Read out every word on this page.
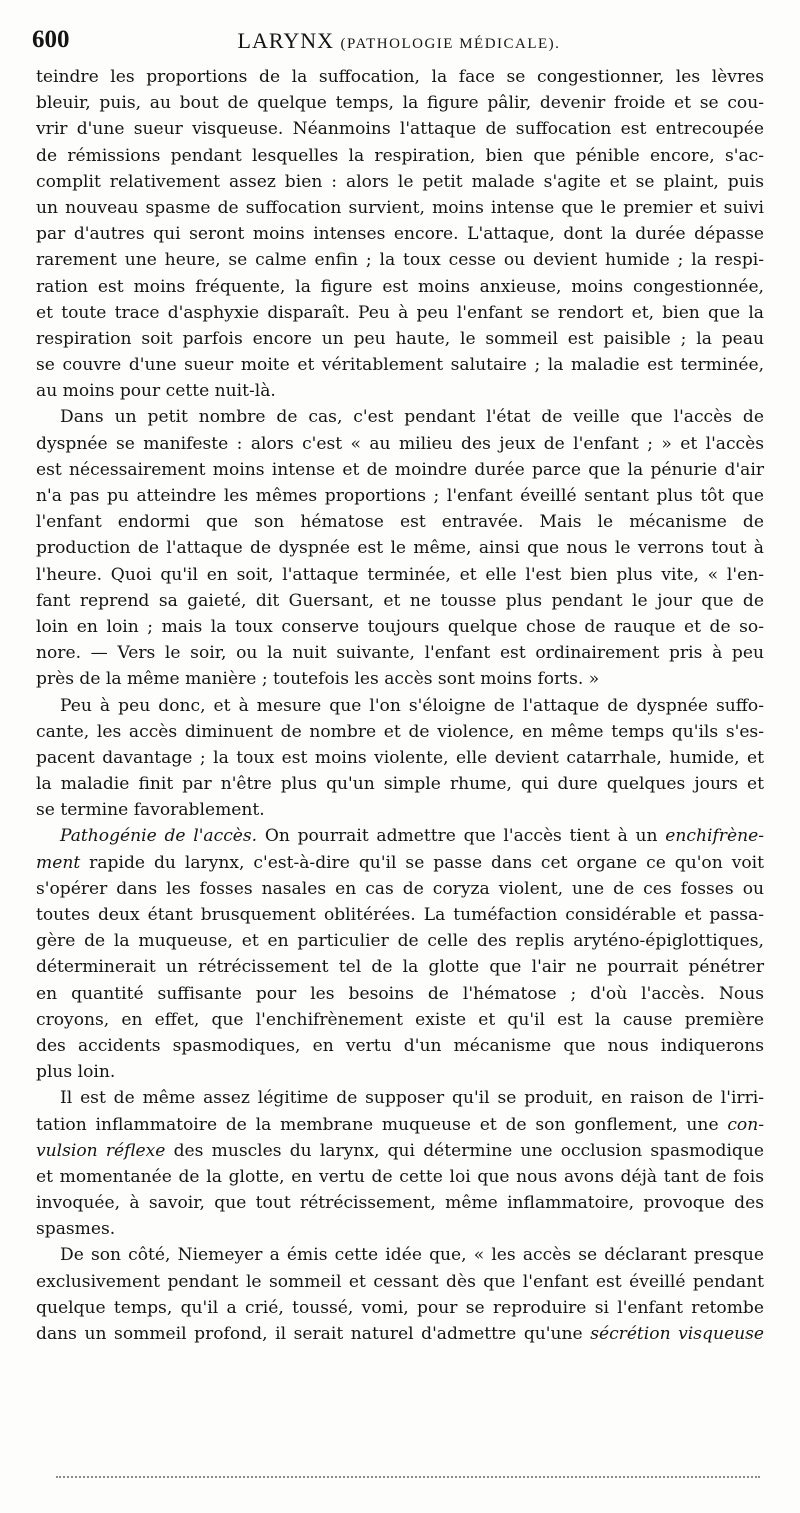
600	LARYNX (PATHOLOGIE MÉDICALE).
teindre les proportions de la suffocation, la face se congestionner, les lèvres
bleuir, puis, au bout de quelque temps, la figure pâlir, devenir froide et se cou-
vrir d'une sueur visqueuse. Néanmoins l'attaque de suffocation est entrecoupée
de rémissions pendant lesquelles la respiration, bien que pénible encore, s'ac-
complit relativement assez bien : alors le petit malade s'agite et se plaint, puis
un nouveau spasme de suffocation survient, moins intense que le premier et suivi
par d'autres qui seront moins intenses encore. L'attaque, dont la durée dépasse
rarement une heure, se calme enfin ; la toux cesse ou devient humide ; la respi-
ration est moins fréquente, la figure est moins anxieuse, moins congestionnée,
et toute trace d'asphyxie disparaît. Peu à peu l'enfant se rendort et, bien que la
respiration soit parfois encore un peu haute, le sommeil est paisible ; la peau
se couvre d'une sueur moite et véritablement salutaire ; la maladie est terminée,
au moins pour cette nuit-là.
Dans un petit nombre de cas, c'est pendant l'état de veille que l'accès de
dyspnée se manifeste : alors c'est « au milieu des jeux de l'enfant ; » et l'accès
est nécessairement moins intense et de moindre durée parce que la pénurie d'air
n'a pas pu atteindre les mêmes proportions ; l'enfant éveillé sentant plus tôt que
l'enfant endormi que son hématose est entravée. Mais le mécanisme de
production de l'attaque de dyspnée est le même, ainsi que nous le verrons tout à
l'heure. Quoi qu'il en soit, l'attaque terminée, et elle l'est bien plus vite, « l'en-
fant reprend sa gaieté, dit Guersant, et ne tousse plus pendant le jour que de
loin en loin ; mais la toux conserve toujours quelque chose de rauque et de so-
nore. — Vers le soir, ou la nuit suivante, l'enfant est ordinairement pris à peu
près de la même manière ; toutefois les accès sont moins forts. »
Peu à peu donc, et à mesure que l'on s'éloigne de l'attaque de dyspnée suffo-
cante, les accès diminuent de nombre et de violence, en même temps qu'ils s'es-
pacent davantage ; la toux est moins violente, elle devient catarrhale, humide, et
la maladie finit par n'être plus qu'un simple rhume, qui dure quelques jours et
se termine favorablement.
Pathogénie de l'accès. On pourrait admettre que l'accès tient à un enchifrène-
ment rapide du larynx, c'est-à-dire qu'il se passe dans cet organe ce qu'on voit
s'opérer dans les fosses nasales en cas de coryza violent, une de ces fosses ou
toutes deux étant brusquement oblitérées. La tuméfaction considérable et passa-
gère de la muqueuse, et en particulier de celle des replis aryténo-épiglottiques,
déterminerait un rétrécissement tel de la glotte que l'air ne pourrait pénétrer
en quantité suffisante pour les besoins de l'hématose ; d'où l'accès. Nous
croyons, en effet, que l'enchifrènement existe et qu'il est la cause première
des accidents spasmodiques, en vertu d'un mécanisme que nous indiquerons
plus loin.
Il est de même assez légitime de supposer qu'il se produit, en raison de l'irri-
tation inflammatoire de la membrane muqueuse et de son gonflement, une con-
vulsion réflexe des muscles du larynx, qui détermine une occlusion spasmodique
et momentanée de la glotte, en vertu de cette loi que nous avons déjà tant de fois
invoquée, à savoir, que tout rétrécissement, même inflammatoire, provoque des
spasmes.
De son côté, Niemeyer a émis cette idée que, « les accès se déclarant presque
exclusivement pendant le sommeil et cessant dès que l'enfant est éveillé pendant
quelque temps, qu'il a crié, toussé, vomi, pour se reproduire si l'enfant retombe
dans un sommeil profond, il serait naturel d'admettre qu'une sécrétion visqueuse
